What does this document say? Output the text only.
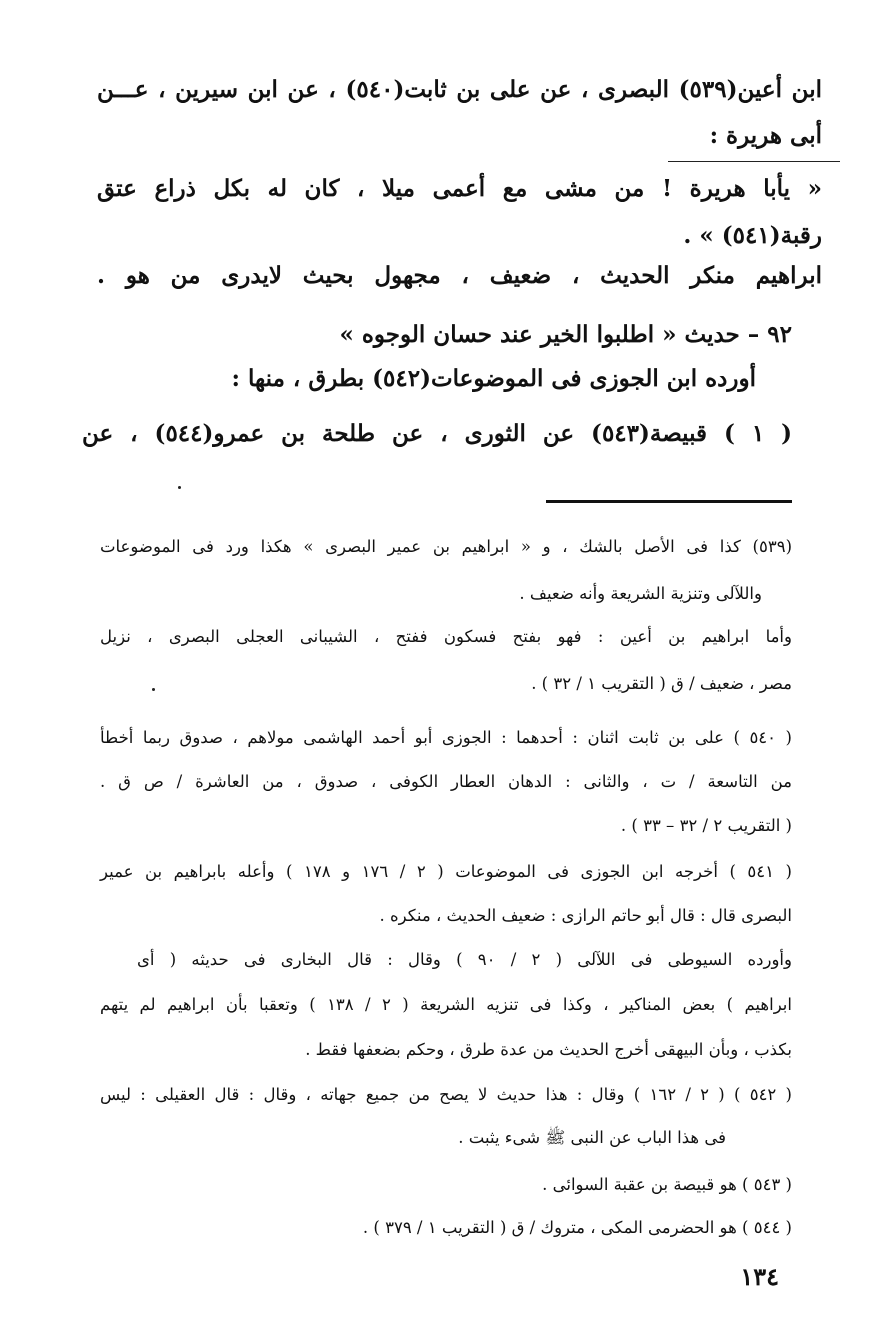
ابن أعين(٥٣٩) البصرى ، عن على بن ثابت(٥٤٠) ، عن ابن سيرين ، عـــن
أبى هريرة :
« يأبا هريرة ! من مشى مع أعمى ميلا ، كان له بكل ذراع عتق
رقبة(٥٤١) » .
ابراهيم منكر الحديث ، ضعيف ، مجهول بحيث لايدرى من هو .
٩٢ – حديث « اطلبوا الخير عند حسان الوجوه »
أورده ابن الجوزى فى الموضوعات(٥٤٢) بطرق ، منها :
( ١ ) قبيصة(٥٤٣) عن الثورى ، عن طلحة بن عمرو(٥٤٤) ، عن
(٥٣٩) كذا فى الأصل بالشك ، و « ابراهيم بن عمير البصرى » هكذا ورد فى الموضوعات
واللآلى وتنزية الشريعة وأنه ضعيف .
وأما ابراهيم بن أعين : فهو بفتح فسكون ففتح ، الشيبانى العجلى البصرى ، نزيل
مصر ، ضعيف / ق ( التقريب ١ / ٣٢ ) .
( ٥٤٠ ) على بن ثابت اثنان : أحدهما : الجوزى أبو أحمد الهاشمى مولاهم ، صدوق ربما أخطأ
من التاسعة / ت ، والثانى : الدهان العطار الكوفى ، صدوق ، من العاشرة / ص ق .
( التقريب ٢ / ٣٢ – ٣٣ ) .
( ٥٤١ ) أخرجه ابن الجوزى فى الموضوعات ( ٢ / ١٧٦ و ١٧٨ ) وأعله بابراهيم بن عمير
البصرى قال : قال أبو حاتم الرازى : ضعيف الحديث ، منكره .
وأورده السيوطى فى اللآلى ( ٢ / ٩٠ ) وقال : قال البخارى فى حديثه ( أى
ابراهيم ) بعض المناكير ، وكذا فى تنزيه الشريعة ( ٢ / ١٣٨ ) وتعقبا بأن ابراهيم لم يتهم
بكذب ، وبأن البيهقى أخرج الحديث من عدة طرق ، وحكم بضعفها فقط .
( ٥٤٢ ) ( ٢ / ١٦٢ ) وقال : هذا حديث لا يصح من جميع جهاته ، وقال : قال العقيلى : ليس
فى هذا الباب عن النبى ﷺ شىء يثبت .
( ٥٤٣ ) هو قبيصة بن عقبة السوائى .
( ٥٤٤ ) هو الحضرمى المكى ، متروك / ق ( التقريب ١ / ٣٧٩ ) .
١٣٤
